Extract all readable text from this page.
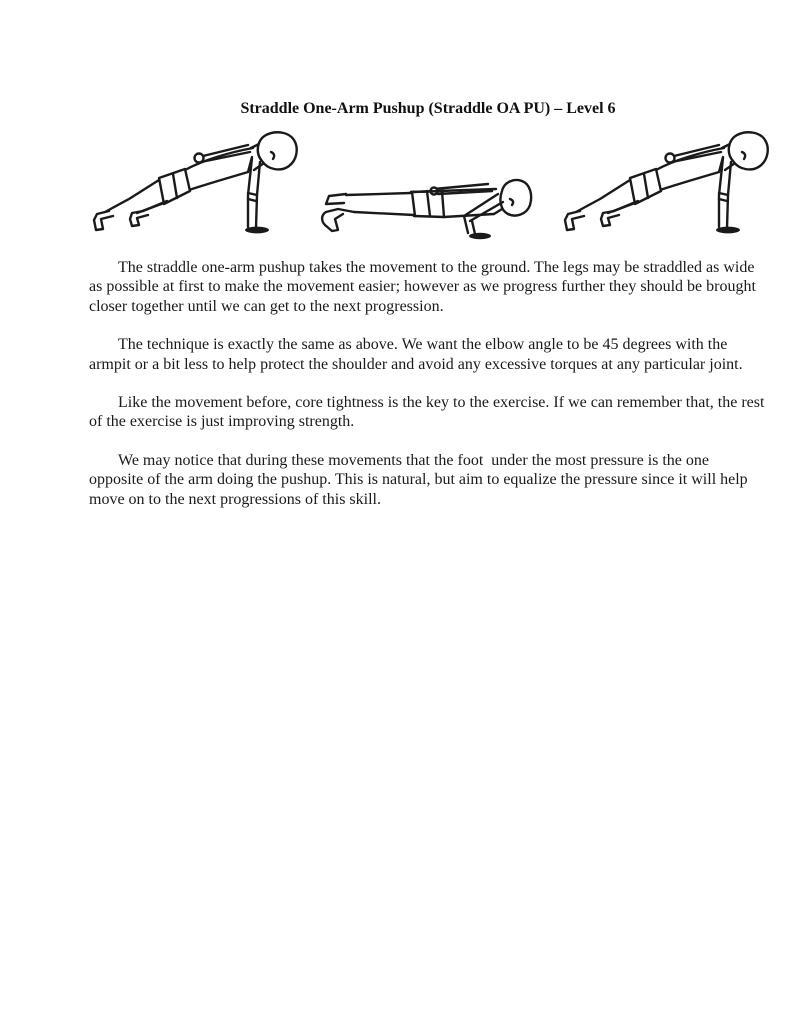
Straddle One-Arm Pushup (Straddle OA PU) – Level 6

The straddle one-arm pushup takes the movement to the ground. The legs may be straddled as wide as possible at first to make the movement easier; however as we progress further they should be brought closer together until we can get to the next progression.

The technique is exactly the same as above. We want the elbow angle to be 45 degrees with the armpit or a bit less to help protect the shoulder and avoid any excessive torques at any particular joint.

Like the movement before, core tightness is the key to the exercise. If we can remember that, the rest of the exercise is just improving strength.

We may notice that during these movements that the foot  under the most pressure is the one opposite of the arm doing the pushup. This is natural, but aim to equalize the pressure since it will help move on to the next progressions of this skill.
